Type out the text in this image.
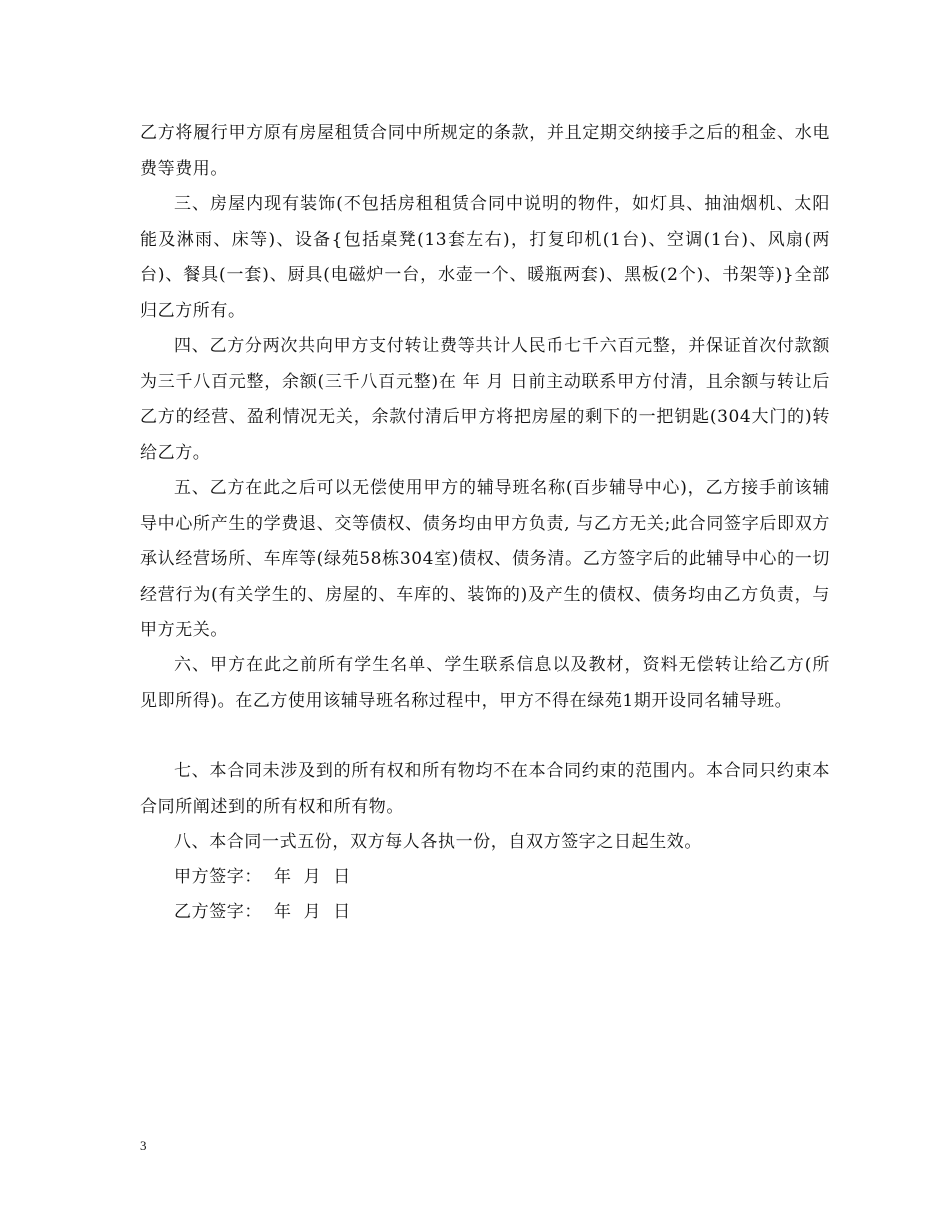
乙方将履行甲方原有房屋租赁合同中所规定的条款，并且定期交纳接手之后的租金、水电费等费用。

三、房屋内现有装饰(不包括房租租赁合同中说明的物件，如灯具、抽油烟机、太阳能及淋雨、床等)、设备{包括桌凳(13套左右)，打复印机(1台)、空调(1台)、风扇(两台)、餐具(一套)、厨具(电磁炉一台，水壶一个、暖瓶两套)、黑板(2个)、书架等)}全部归乙方所有。

四、乙方分两次共向甲方支付转让费等共计人民币七千六百元整，并保证首次付款额为三千八百元整，余额(三千八百元整)在 年 月 日前主动联系甲方付清，且余额与转让后乙方的经营、盈利情况无关，余款付清后甲方将把房屋的剩下的一把钥匙(304大门的)转给乙方。

五、乙方在此之后可以无偿使用甲方的辅导班名称(百步辅导中心)，乙方接手前该辅导中心所产生的学费退、交等债权、债务均由甲方负责, 与乙方无关;此合同签字后即双方承认经营场所、车库等(绿苑58栋304室)债权、债务清。乙方签字后的此辅导中心的一切经营行为(有关学生的、房屋的、车库的、装饰的)及产生的债权、债务均由乙方负责，与甲方无关。

六、甲方在此之前所有学生名单、学生联系信息以及教材，资料无偿转让给乙方(所见即所得)。在乙方使用该辅导班名称过程中，甲方不得在绿苑1期开设同名辅导班。

七、本合同未涉及到的所有权和所有物均不在本合同约束的范围内。本合同只约束本合同所阐述到的所有权和所有物。

八、本合同一式五份，双方每人各执一份，自双方签字之日起生效。

甲方签字：  年  月  日
乙方签字：  年  月  日
3
